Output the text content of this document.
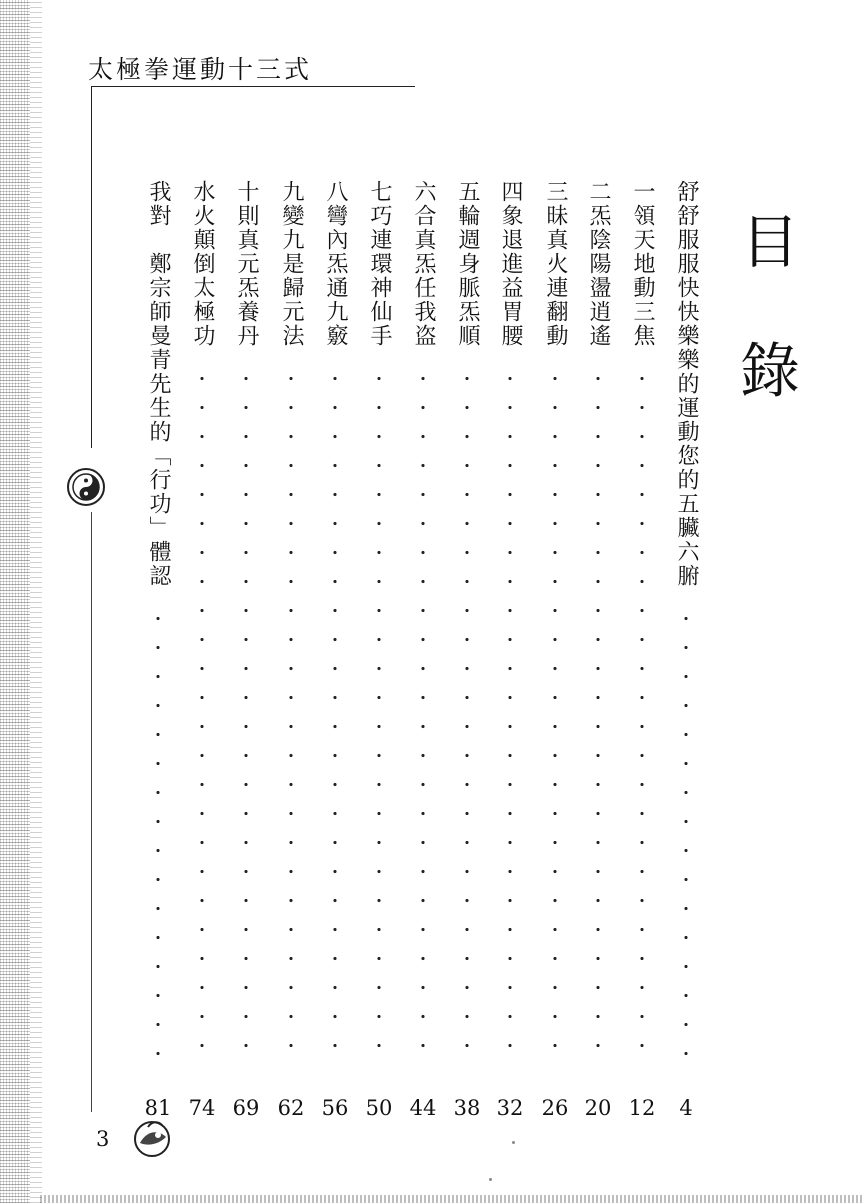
太極拳運動十三式
目
錄
舒舒服服快快樂樂的運動您的五臟六腑
4
一領天地動三焦
12
二炁陰陽盪逍遙
20
三昧真火連翻動
26
四象退進益胃腰
32
五輪週身脈炁順
38
六合真炁任我盗
44
七巧連環神仙手
50
八彎內炁通九竅
56
九變九是歸元法
62
十則真元炁養丹
69
水火顛倒太極功
74
我對　鄭宗師曼青先生的「行功」體認
81
3
